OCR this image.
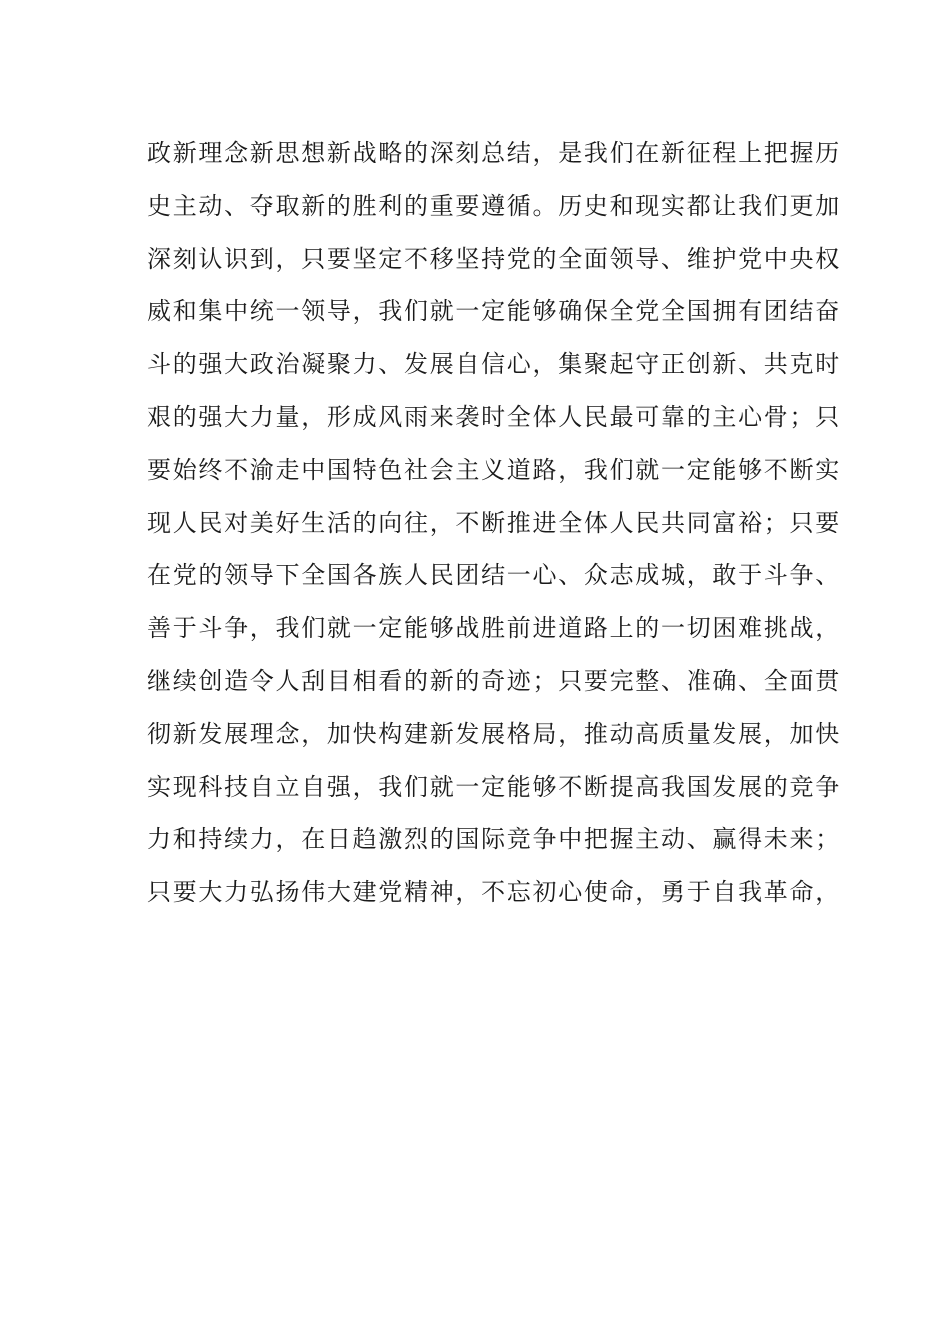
政新理念新思想新战略的深刻总结，是我们在新征程上把握历
史主动、夺取新的胜利的重要遵循。历史和现实都让我们更加
深刻认识到，只要坚定不移坚持党的全面领导、维护党中央权
威和集中统一领导，我们就一定能够确保全党全国拥有团结奋
斗的强大政治凝聚力、发展自信心，集聚起守正创新、共克时
艰的强大力量，形成风雨来袭时全体人民最可靠的主心骨；只
要始终不渝走中国特色社会主义道路，我们就一定能够不断实
现人民对美好生活的向往，不断推进全体人民共同富裕；只要
在党的领导下全国各族人民团结一心、众志成城，敢于斗争、
善于斗争，我们就一定能够战胜前进道路上的一切困难挑战，
继续创造令人刮目相看的新的奇迹；只要完整、准确、全面贯
彻新发展理念，加快构建新发展格局，推动高质量发展，加快
实现科技自立自强，我们就一定能够不断提高我国发展的竞争
力和持续力，在日趋激烈的国际竞争中把握主动、赢得未来；
只要大力弘扬伟大建党精神，不忘初心使命，勇于自我革命，
